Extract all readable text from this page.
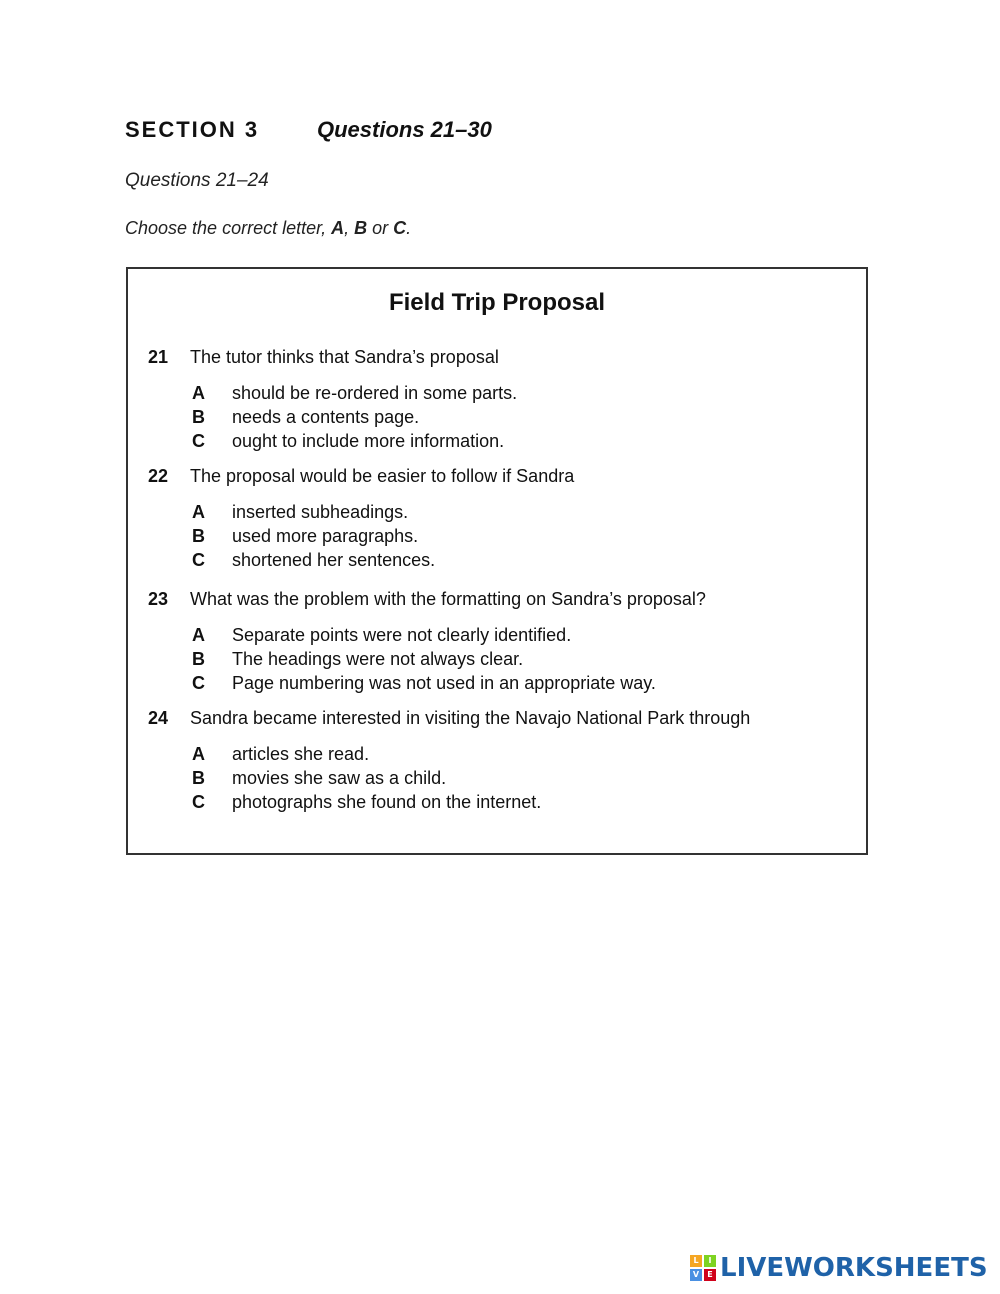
SECTION 3	Questions 21–30
Questions 21–24
Choose the correct letter, A, B or C.
Field Trip Proposal
21 The tutor thinks that Sandra’s proposal
A should be re-ordered in some parts.
B needs a contents page.
C ought to include more information.
22 The proposal would be easier to follow if Sandra
A inserted subheadings.
B used more paragraphs.
C shortened her sentences.
23 What was the problem with the formatting on Sandra’s proposal?
A Separate points were not clearly identified.
B The headings were not always clear.
C Page numbering was not used in an appropriate way.
24 Sandra became interested in visiting the Navajo National Park through
A articles she read.
B movies she saw as a child.
C photographs she found on the internet.
L	I
V	E LIVEWORKSHEETS
